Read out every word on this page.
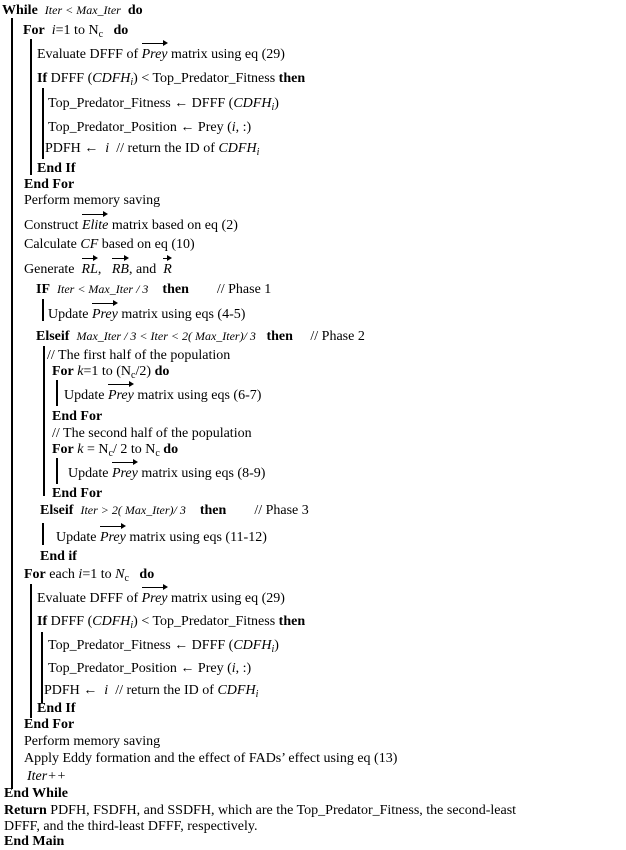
While Iter < Max_Iter do
For i=1 to $N_c$ do
Evaluate DFFF of Prey matrix using eq (29)
If DFFF $(CDFH_i)$ < Top_Predator_Fitness then
Top_Predator_Fitness ← DFFF $(CDFH_i)$
Top_Predator_Position ← Prey (i, :)
PDFH ← i // return the ID of $CDFH_i$
End If
End For
Perform memory saving
Construct Elite matrix based on eq (2)
Calculate CF based on eq (10)
Generate RL,   RB, and R
IF Iter < Max_Iter / 3 then // Phase 1
Update Prey matrix using eqs (4-5)
Elseif Max_Iter / 3 < Iter < 2( Max_Iter)/ 3 then // Phase 2
// The first half of the population
For k=1 to $(N_c/2)$ do
Update Prey matrix using eqs (6-7)
End For
// The second half of the population
For $k = N_c/$ 2 to $N_c$ do
Update Prey matrix using eqs (8-9)
End For
Elseif Iter > 2( Max_Iter)/ 3 then // Phase 3
Update Prey matrix using eqs (11-12)
End if
For each i=1 to $N_c$ do
Evaluate DFFF of Prey matrix using eq (29)
If DFFF $(CDFH_i)$ < Top_Predator_Fitness then
Top_Predator_Fitness ← DFFF $(CDFH_i)$
Top_Predator_Position ← Prey (i, :)
PDFH ← i // return the ID of $CDFH_i$
End If
End For
Perform memory saving
Apply Eddy formation and the effect of FADs’ effect using eq (13)
Iter++
End While
Return PDFH, FSDFH, and SSDFH, which are the Top_Predator_Fitness, the second-least
DFFF, and the third-least DFFF, respectively.
End Main
